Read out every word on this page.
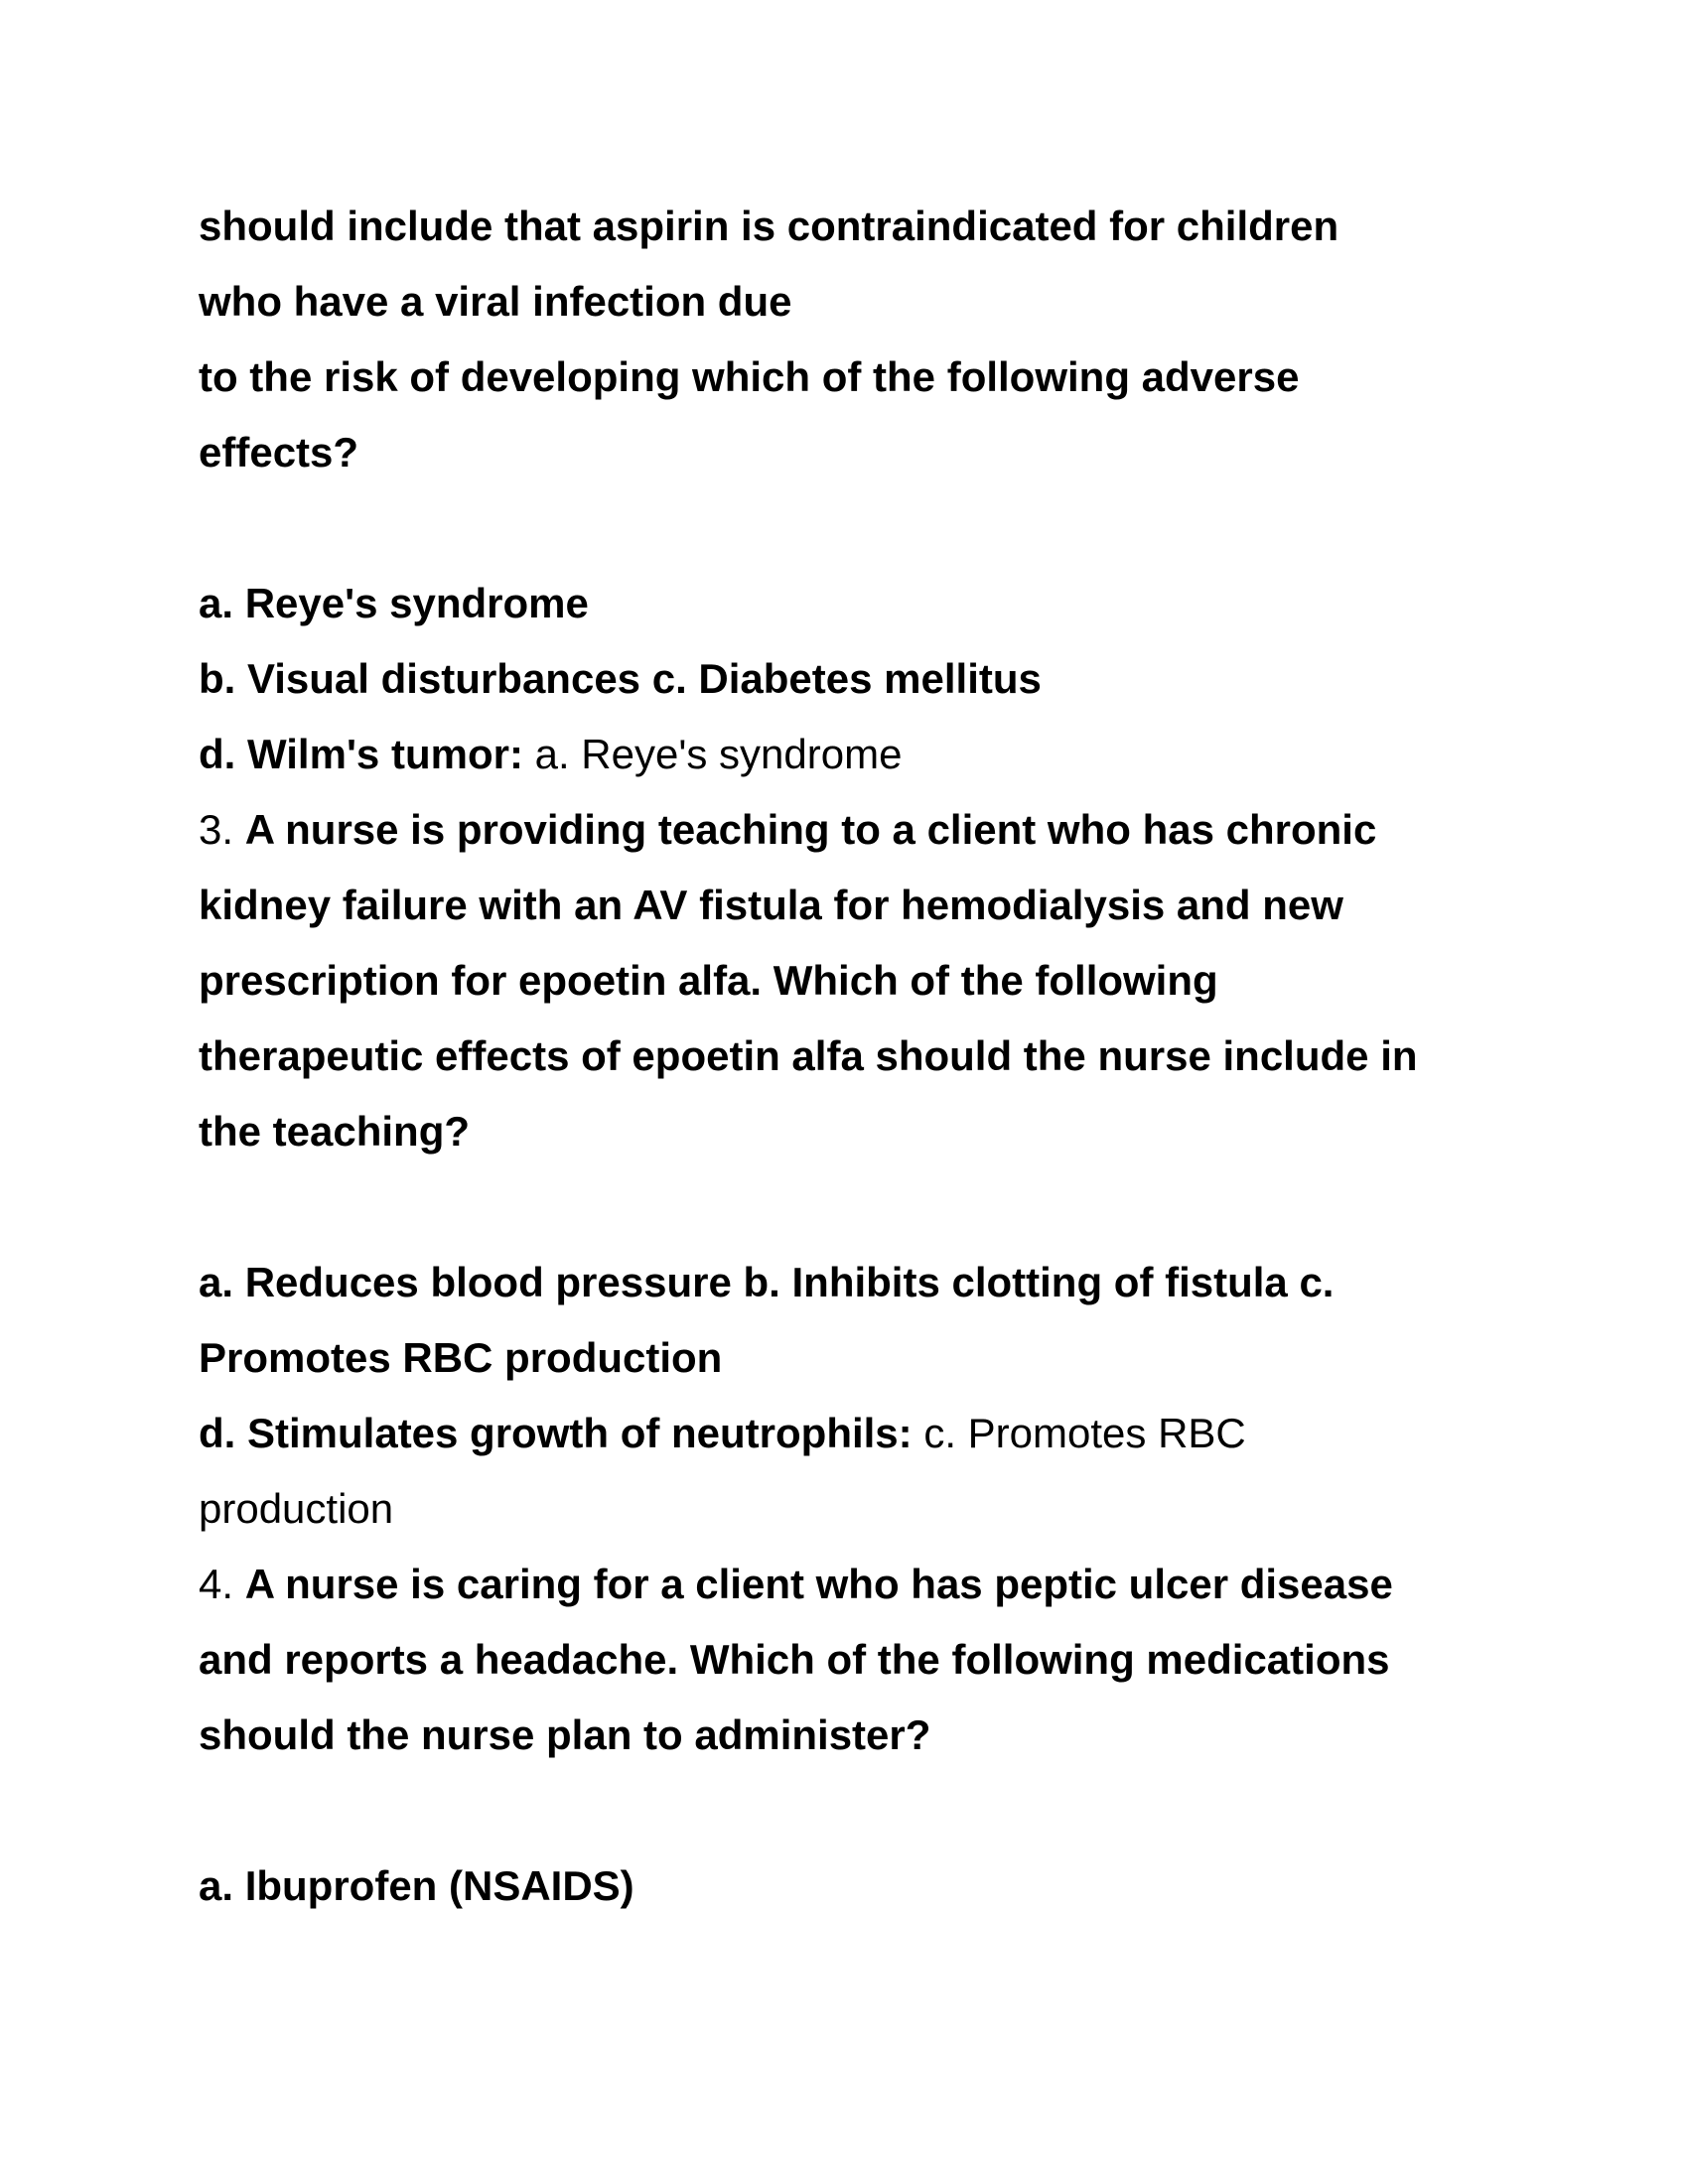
should include that aspirin is contraindicated for children
who have a viral infection due
to the risk of developing which of the following adverse
effects?
a. Reye's syndrome
b. Visual disturbances c. Diabetes mellitus
d. Wilm's tumor: a. Reye's syndrome
3. A nurse is providing teaching to a client who has chronic
kidney failure with an AV fistula for hemodialysis and new
prescription for epoetin alfa. Which of the following
therapeutic effects of epoetin alfa should the nurse include in
the teaching?
a. Reduces blood pressure b. Inhibits clotting of fistula c.
Promotes RBC production
d. Stimulates growth of neutrophils: c. Promotes RBC
production
4. A nurse is caring for a client who has peptic ulcer disease
and reports a headache. Which of the following medications
should the nurse plan to administer?
a. Ibuprofen (NSAIDS)
